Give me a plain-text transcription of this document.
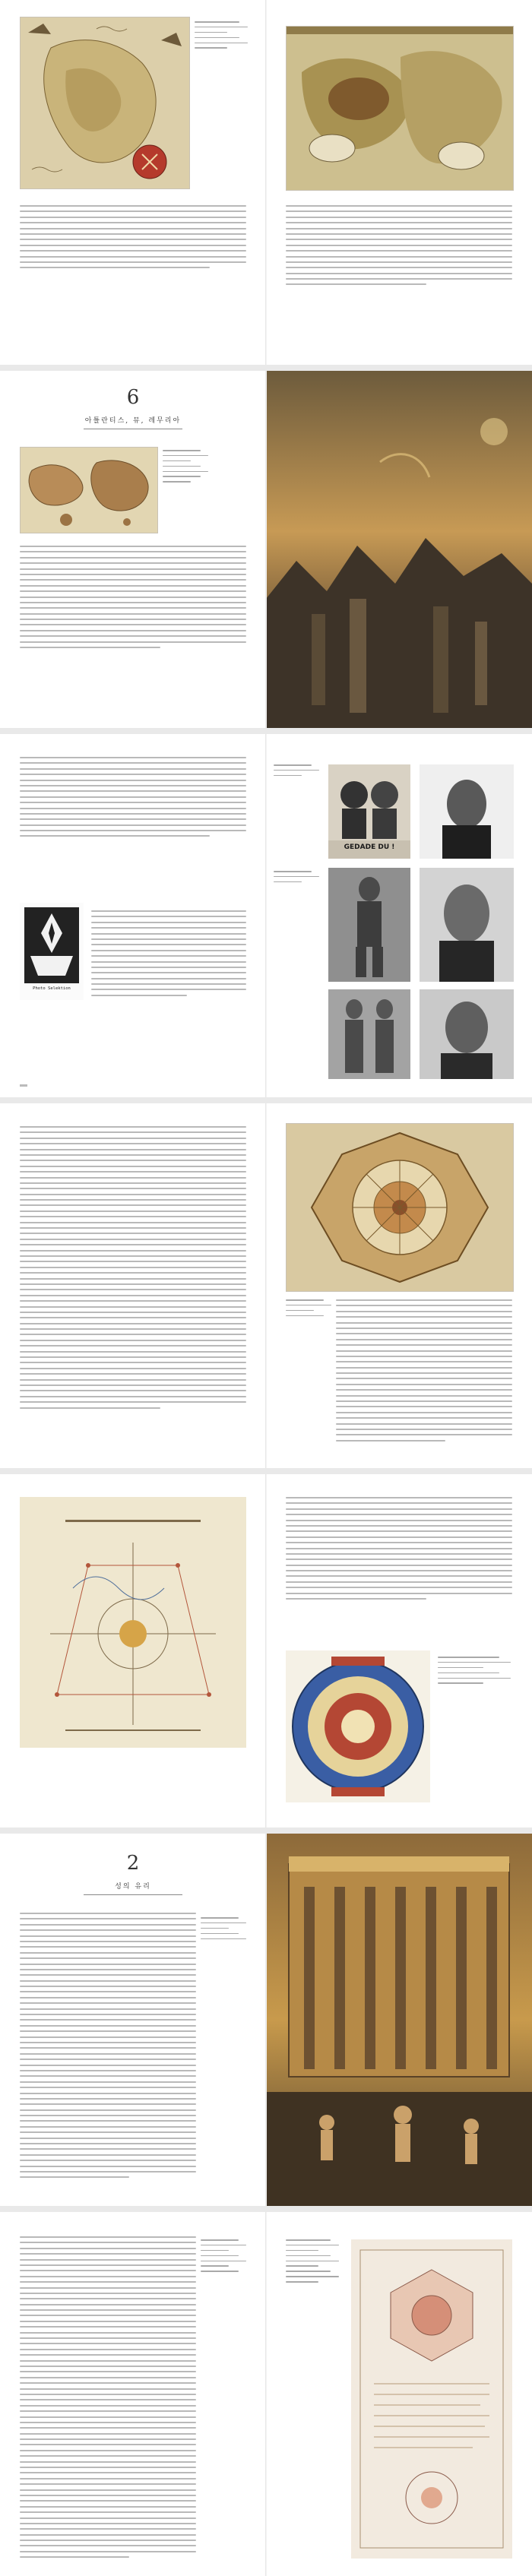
6
아틀란티스, 뮤, 레무리아
Photo Selektion
GEDADE DU !
2
성의 유리
